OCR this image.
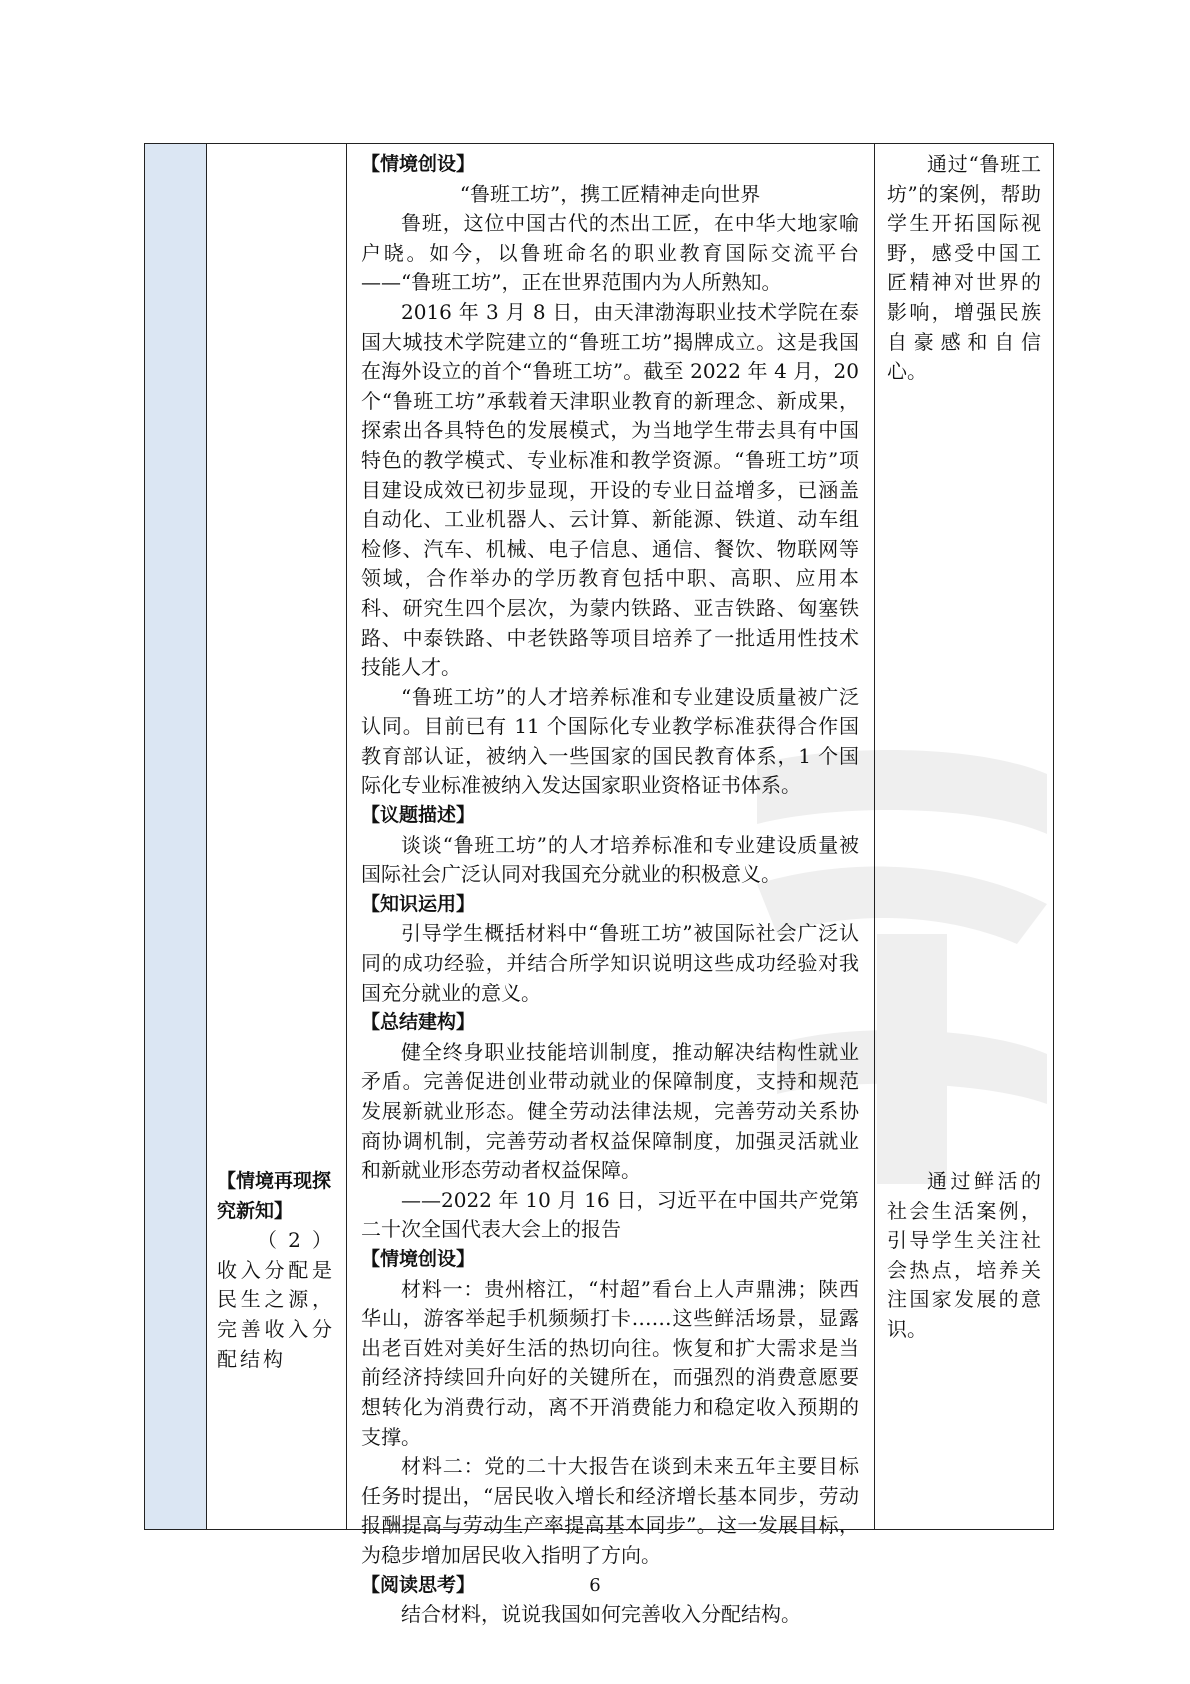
【情境再现探究新知】

（2）收入分配是民生之源，完善收入分配结构

【情境创设】

“鲁班工坊”，携工匠精神走向世界

鲁班，这位中国古代的杰出工匠，在中华大地家喻户晓。如今，以鲁班命名的职业教育国际交流平台——“鲁班工坊”，正在世界范围内为人所熟知。

2016 年 3 月 8 日，由天津渤海职业技术学院在泰国大城技术学院建立的“鲁班工坊”揭牌成立。这是我国在海外设立的首个“鲁班工坊”。截至 2022 年 4 月，20 个“鲁班工坊”承载着天津职业教育的新理念、新成果，探索出各具特色的发展模式，为当地学生带去具有中国特色的教学模式、专业标准和教学资源。“鲁班工坊”项目建设成效已初步显现，开设的专业日益增多，已涵盖自动化、工业机器人、云计算、新能源、铁道、动车组检修、汽车、机械、电子信息、通信、餐饮、物联网等领域，合作举办的学历教育包括中职、高职、应用本科、研究生四个层次，为蒙内铁路、亚吉铁路、匈塞铁路、中泰铁路、中老铁路等项目培养了一批适用性技术技能人才。

“鲁班工坊”的人才培养标准和专业建设质量被广泛认同。目前已有 11 个国际化专业教学标准获得合作国教育部认证，被纳入一些国家的国民教育体系，1 个国际化专业标准被纳入发达国家职业资格证书体系。

【议题描述】

谈谈“鲁班工坊”的人才培养标准和专业建设质量被国际社会广泛认同对我国充分就业的积极意义。

【知识运用】

引导学生概括材料中“鲁班工坊”被国际社会广泛认同的成功经验，并结合所学知识说明这些成功经验对我国充分就业的意义。

【总结建构】

健全终身职业技能培训制度，推动解决结构性就业矛盾。完善促进创业带动就业的保障制度，支持和规范发展新就业形态。健全劳动法律法规，完善劳动关系协商协调机制，完善劳动者权益保障制度，加强灵活就业和新就业形态劳动者权益保障。

——2022 年 10 月 16 日，习近平在中国共产党第二十次全国代表大会上的报告

【情境创设】

材料一：贵州榕江，“村超”看台上人声鼎沸；陕西华山，游客举起手机频频打卡……这些鲜活场景，显露出老百姓对美好生活的热切向往。恢复和扩大需求是当前经济持续回升向好的关键所在，而强烈的消费意愿要想转化为消费行动，离不开消费能力和稳定收入预期的支撑。

材料二：党的二十大报告在谈到未来五年主要目标任务时提出，“居民收入增长和经济增长基本同步，劳动报酬提高与劳动生产率提高基本同步”。这一发展目标，为稳步增加居民收入指明了方向。

【阅读思考】

结合材料，说说我国如何完善收入分配结构。

通过“鲁班工坊”的案例，帮助学生开拓国际视野，感受中国工匠精神对世界的影响，增强民族自豪感和自信心。

通过鲜活的社会生活案例，引导学生关注社会热点，培养关注国家发展的意识。

6
